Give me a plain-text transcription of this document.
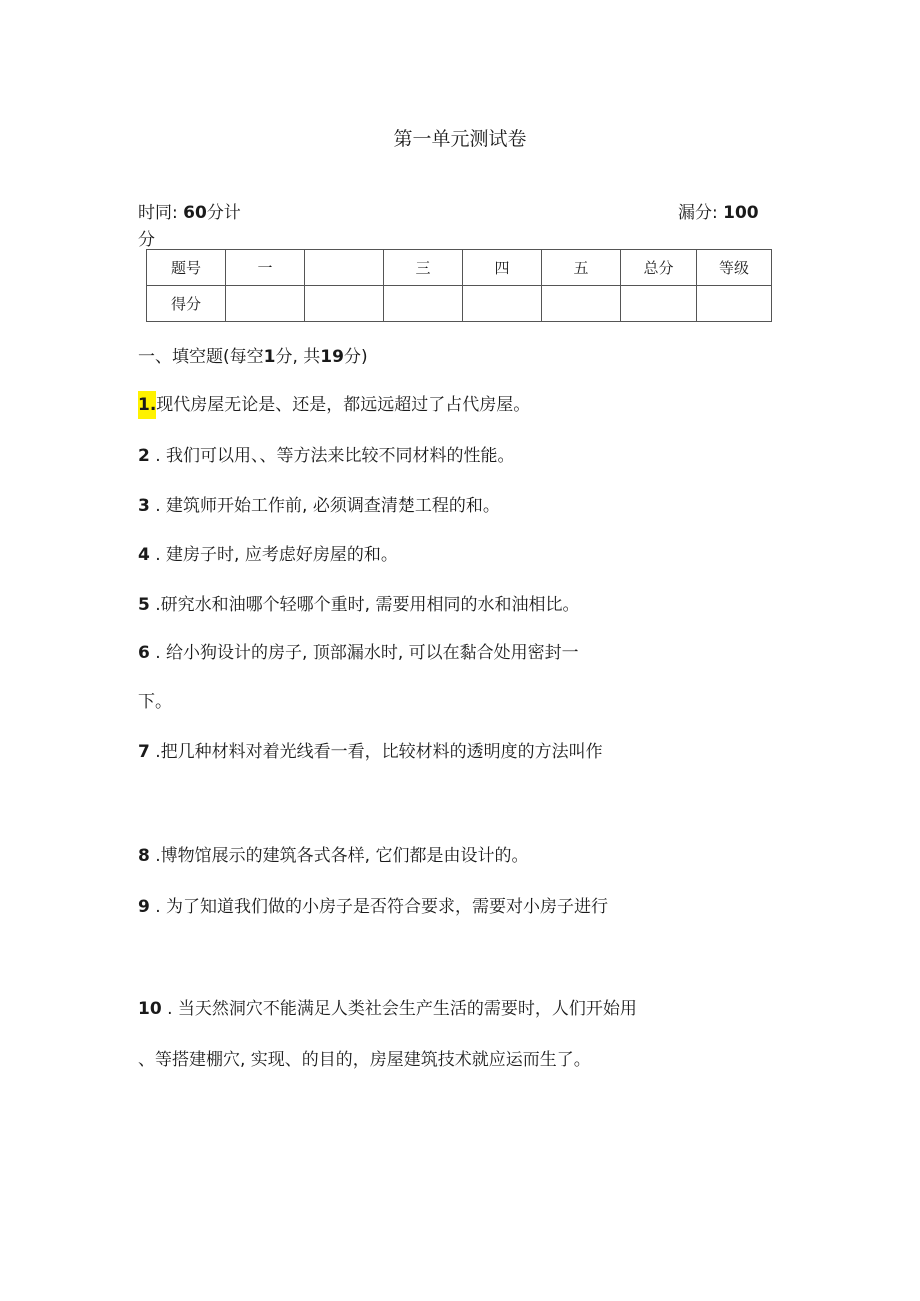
第一单元测试卷
时同: 60分计
分
漏分: 100
题号	一		三	四	五	总分	等级
得分							
一、填空题(每空1分, 共19分)
1.现代房屋无论是、还是，都远远超过了占代房屋。
2 . 我们可以用、、等方法来比较不同材料的性能。
3 . 建筑师开始工作前, 必须调查清楚工程的和。
4 . 建房子时, 应考虑好房屋的和。
5 .研究水和油哪个轻哪个重时, 需要用相同的水和油相比。
6 . 给小狗设计的房子, 顶部漏水时, 可以在黏合处用密封一
下。
7 .把几种材料对着光线看一看，比较材料的透明度的方法叫作
8 .博物馆展示的建筑各式各样, 它们都是由设计的。
9 . 为了知道我们做的小房子是否符合要求，需要对小房子进行
10 . 当天然洞穴不能满足人类社会生产生活的需要时，人们开始用
、等搭建棚穴, 实现、的目的，房屋建筑技术就应运而生了。
